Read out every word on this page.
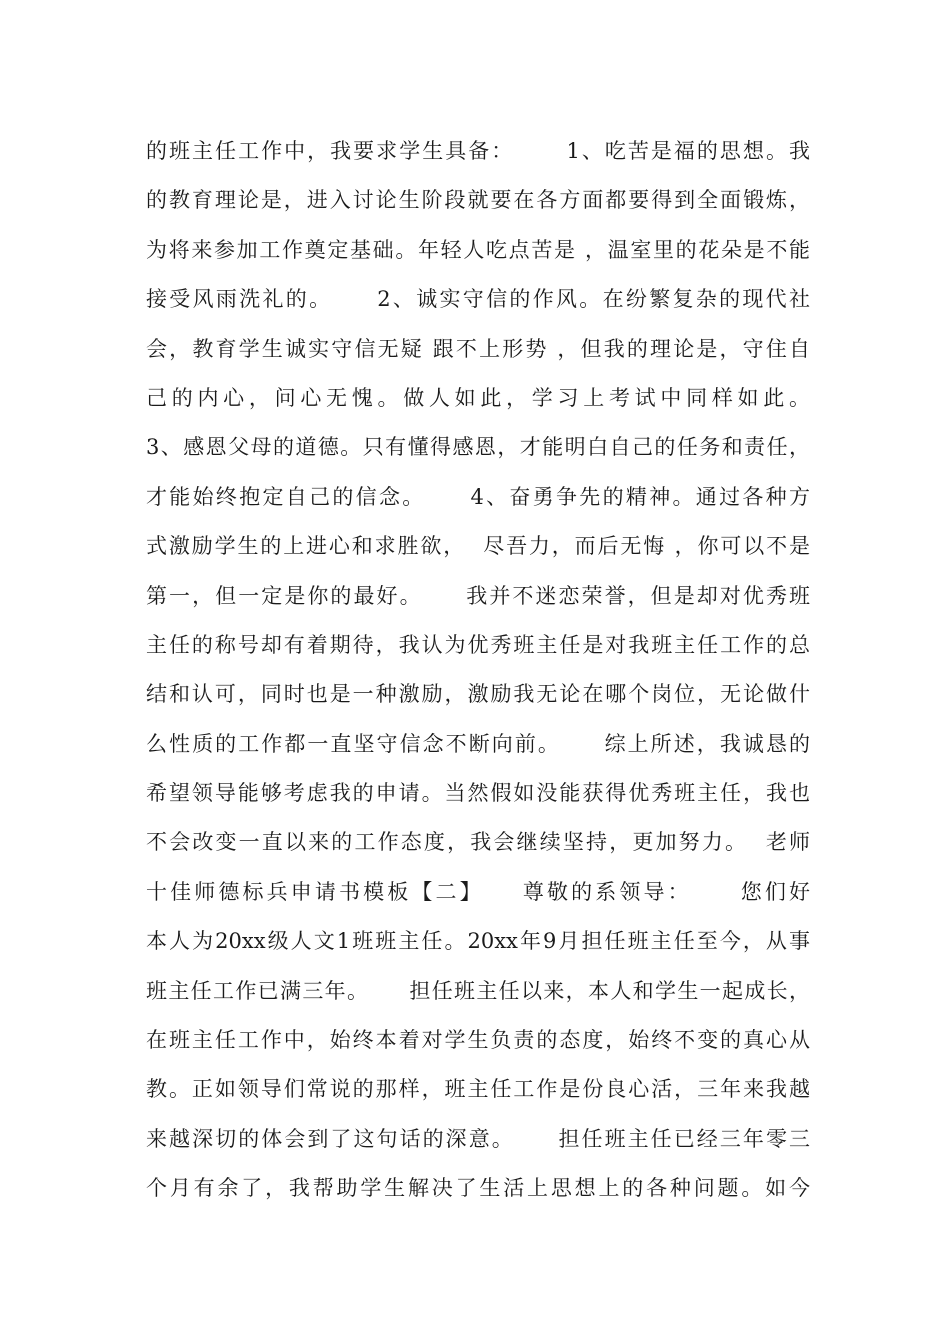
的班主任工作中，我要求学生具备：      1、吃苦是福的思想。我
的教育理论是，进入讨论生阶段就要在各方面都要得到全面锻炼，
为将来参加工作奠定基础。年轻人吃点苦是 ，温室里的花朵是不能
接受风雨洗礼的。     2、诚实守信的作风。在纷繁复杂的现代社
会，教育学生诚实守信无疑 跟不上形势 ，但我的理论是，守住自
己的内心，问心无愧。做人如此，学习上考试中同样如此。
3、感恩父母的道德。只有懂得感恩，才能明白自己的任务和责任，
才能始终抱定自己的信念。     4、奋勇争先的精神。通过各种方
式激励学生的上进心和求胜欲，  尽吾力，而后无悔 ，你可以不是
第一，但一定是你的最好。     我并不迷恋荣誉，但是却对优秀班
主任的称号却有着期待，我认为优秀班主任是对我班主任工作的总
结和认可，同时也是一种激励，激励我无论在哪个岗位，无论做什
么性质的工作都一直坚守信念不断向前。     综上所述，我诚恳的
希望领导能够考虑我的申请。当然假如没能获得优秀班主任，我也
不会改变一直以来的工作态度，我会继续坚持，更加努力。  老师
十佳师德标兵申请书模板【二】    尊敬的系领导：     您们好
本人为20xx级人文1班班主任。20xx年9月担任班主任至今，从事
班主任工作已满三年。     担任班主任以来，本人和学生一起成长，
在班主任工作中，始终本着对学生负责的态度，始终不变的真心从
教。正如领导们常说的那样，班主任工作是份良心活，三年来我越
来越深切的体会到了这句话的深意。     担任班主任已经三年零三
个月有余了，我帮助学生解决了生活上思想上的各种问题。如今
